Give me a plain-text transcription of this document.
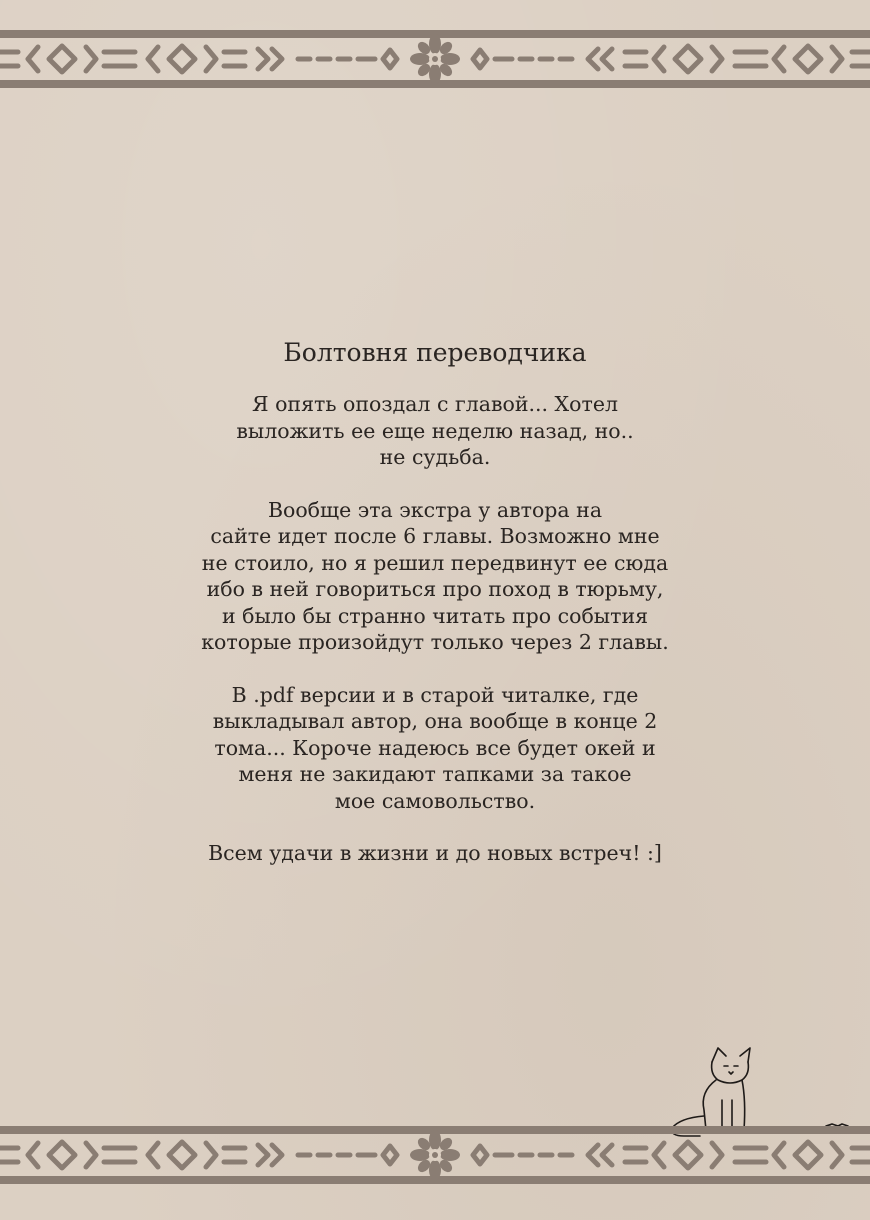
Болтовня переводчика

Я опять опоздал с главой... Хотел
выложить ее еще неделю назад, но..
не судьба.

Вообще эта экстра у автора на
сайте идет после 6 главы. Возможно мне
не стоило, но я решил передвинут ее сюда
ибо в ней говориться про поход в тюрьму,
и было бы странно читать про события
которые произойдут только через 2 главы.

В .pdf версии и в старой читалке, где
выкладывал автор, она вообще в конце 2
тома... Короче надеюсь все будет окей и
меня не закидают тапками за такое
мое самовольство.

Всем удачи в жизни и до новых встреч! :]
